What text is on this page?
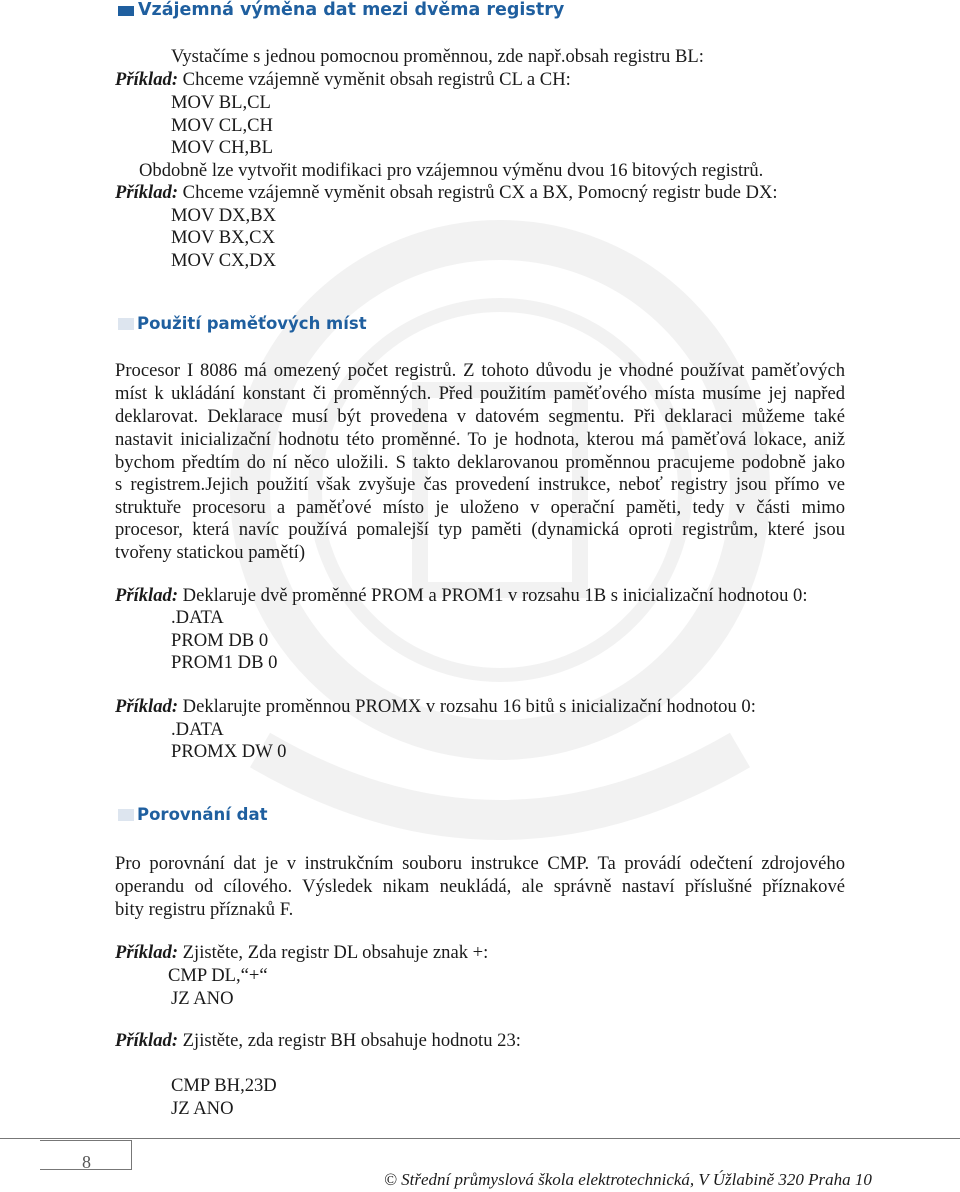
Vzájemná výměna dat mezi dvěma registry
Vystačíme s jednou pomocnou proměnnou, zde např.obsah registru BL:
Příklad: Chceme vzájemně vyměnit obsah registrů CL a CH:
MOV BL,CL
MOV CL,CH
MOV CH,BL
Obdobně lze vytvořit modifikaci pro vzájemnou výměnu dvou 16 bitových registrů.
Příklad: Chceme vzájemně vyměnit obsah registrů CX a BX, Pomocný registr bude DX:
MOV DX,BX
MOV BX,CX
MOV CX,DX
Použití paměťových míst
Procesor I 8086 má omezený počet registrů. Z tohoto důvodu je vhodné používat paměťových
míst k ukládání konstant či proměnných. Před použitím paměťového místa musíme jej napřed
deklarovat. Deklarace musí být provedena v datovém segmentu. Při deklaraci můžeme také
nastavit inicializační hodnotu této proměnné. To je hodnota, kterou má paměťová lokace, aniž
bychom předtím do ní něco uložili. S takto deklarovanou proměnnou pracujeme podobně jako
s registrem.Jejich použití však zvyšuje čas provedení instrukce, neboť registry jsou přímo ve
struktuře procesoru a paměťové místo je uloženo v operační paměti, tedy v části mimo
procesor, která navíc používá pomalejší typ paměti (dynamická oproti registrům, které jsou
tvořeny statickou pamětí)
Příklad: Deklaruje dvě proměnné PROM a PROM1 v rozsahu 1B s inicializační hodnotou 0:
.DATA
PROM DB 0
PROM1 DB 0
Příklad: Deklarujte proměnnou PROMX v rozsahu 16 bitů s inicializační hodnotou 0:
.DATA
PROMX DW 0
Porovnání dat
Pro porovnání dat je v instrukčním souboru instrukce CMP. Ta provádí odečtení zdrojového
operandu od cílového. Výsledek nikam neukládá, ale správně nastaví příslušné příznakové
bity registru příznaků F.
Příklad: Zjistěte, Zda registr DL obsahuje znak +:
CMP DL,“+“
JZ ANO
Příklad: Zjistěte, zda registr BH obsahuje hodnotu 23:
CMP BH,23D
JZ ANO
8
© Střední průmyslová škola elektrotechnická, V Úžlabině 320 Praha 10
